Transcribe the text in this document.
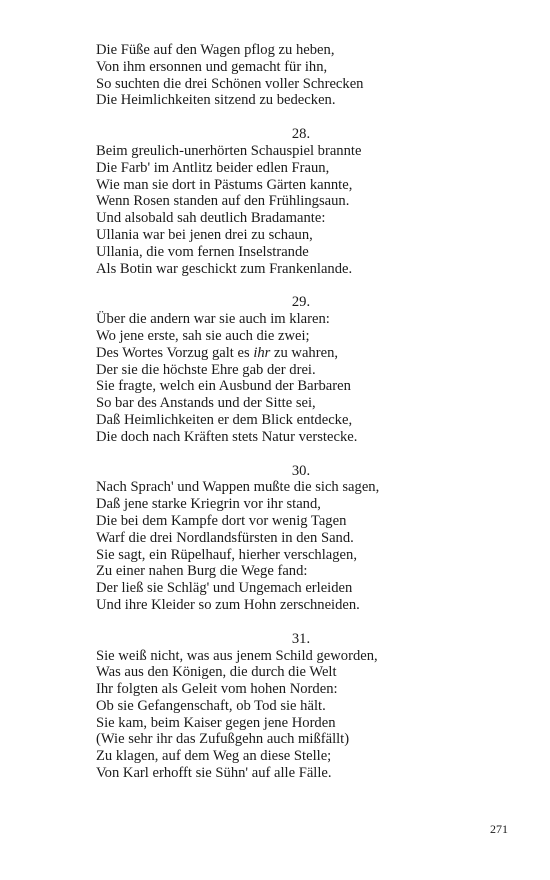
Die Füße auf den Wagen pflog zu heben,
Von ihm ersonnen und gemacht für ihn,
So suchten die drei Schönen voller Schrecken
Die Heimlichkeiten sitzend zu bedecken.
28.
Beim greulich-unerhörten Schauspiel brannte
Die Farb' im Antlitz beider edlen Fraun,
Wie man sie dort in Pästums Gärten kannte,
Wenn Rosen standen auf den Frühlingsaun.
Und alsobald sah deutlich Bradamante:
Ullania war bei jenen drei zu schaun,
Ullania, die vom fernen Inselstrande
Als Botin war geschickt zum Frankenlande.
29.
Über die andern war sie auch im klaren:
Wo jene erste, sah sie auch die zwei;
Des Wortes Vorzug galt es ihr zu wahren,
Der sie die höchste Ehre gab der drei.
Sie fragte, welch ein Ausbund der Barbaren
So bar des Anstands und der Sitte sei,
Daß Heimlichkeiten er dem Blick entdecke,
Die doch nach Kräften stets Natur verstecke.
30.
Nach Sprach' und Wappen mußte die sich sagen,
Daß jene starke Kriegrin vor ihr stand,
Die bei dem Kampfe dort vor wenig Tagen
Warf die drei Nordlandsfürsten in den Sand.
Sie sagt, ein Rüpelhauf, hierher verschlagen,
Zu einer nahen Burg die Wege fand:
Der ließ sie Schläg' und Ungemach erleiden
Und ihre Kleider so zum Hohn zerschneiden.
31.
Sie weiß nicht, was aus jenem Schild geworden,
Was aus den Königen, die durch die Welt
Ihr folgten als Geleit vom hohen Norden:
Ob sie Gefangenschaft, ob Tod sie hält.
Sie kam, beim Kaiser gegen jene Horden
(Wie sehr ihr das Zufußgehn auch mißfällt)
Zu klagen, auf dem Weg an diese Stelle;
Von Karl erhofft sie Sühn' auf alle Fälle.
271
